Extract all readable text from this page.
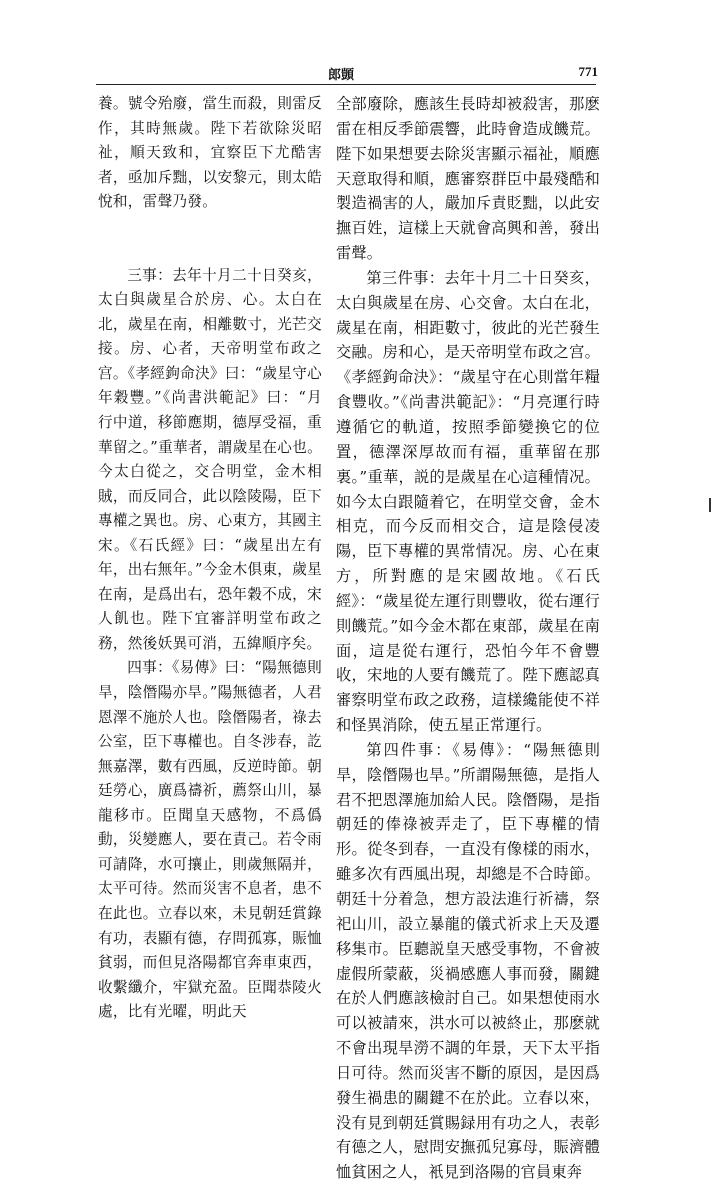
郎顗	771

養。號令殆廢，當生而殺，則雷反作，其時無歲。陛下若欲除災昭祉，順天致和，宜察臣下尤酷害者，亟加斥黜，以安黎元，則太皓悅和，雷聲乃發。

三事：去年十月二十日癸亥，太白與歲星合於房、心。太白在北，歲星在南，相離數寸，光芒交接。房、心者，天帝明堂布政之宫。《孝經鉤命決》曰：“歲星守心年穀豐。”《尚書洪範記》曰：“月行中道，移節應期，德厚受福，重華留之。”重華者，謂歲星在心也。今太白從之，交合明堂，金木相賊，而反同合，此以陰陵陽，臣下專權之異也。房、心東方，其國主宋。《石氏經》曰：“歲星出左有年，出右無年。”今金木俱東，歲星在南，是爲出右，恐年穀不成，宋人飢也。陛下宜審詳明堂布政之務，然後妖異可消，五緯順序矣。

四事：《易傳》曰：“陽無德則旱，陰僭陽亦旱。”陽無德者，人君恩澤不施於人也。陰僭陽者，祿去公室，臣下專權也。自冬涉春，訖無嘉澤，數有西風，反逆時節。朝廷勞心，廣爲禱祈，薦祭山川，暴龍移市。臣聞皇天感物，不爲僞動，災變應人，要在責己。若令雨可請降，水可攘止，則歲無隔并，太平可待。然而災害不息者，患不在此也。立春以來，未見朝廷賞錄有功，表顯有德，存問孤寡，賑恤貧弱，而但見洛陽都官奔車東西，收繫纖介，牢獄充盈。臣聞恭陵火處，比有光曜，明此天

全部廢除，應該生長時却被殺害，那麽雷在相反季節震響，此時會造成饑荒。陛下如果想要去除災害顯示福祉，順應天意取得和順，應審察群臣中最殘酷和製造禍害的人，嚴加斥責貶黜，以此安撫百姓，這樣上天就會高興和善，發出雷聲。

第三件事：去年十月二十日癸亥，太白與歲星在房、心交會。太白在北，歲星在南，相距數寸，彼此的光芒發生交融。房和心，是天帝明堂布政之宫。《孝經鉤命決》：“歲星守在心則當年糧食豐收。”《尚書洪範記》：“月亮運行時遵循它的軌道，按照季節變換它的位置，德澤深厚故而有福，重華留在那裏。”重華，説的是歲星在心這種情况。如今太白跟隨着它，在明堂交會，金木相克，而今反而相交合，這是陰侵凌陽，臣下專權的異常情况。房、心在東方，所對應的是宋國故地。《石氏經》：“歲星從左運行則豐收，從右運行則饑荒。”如今金木都在東部，歲星在南面，這是從右運行，恐怕今年不會豐收，宋地的人要有饑荒了。陛下應認真審察明堂布政之政務，這樣纔能使不祥和怪異消除，使五星正常運行。

第四件事：《易傳》：“陽無德則旱，陰僭陽也旱。”所謂陽無德，是指人君不把恩澤施加給人民。陰僭陽，是指朝廷的俸祿被弄走了，臣下專權的情形。從冬到春，一直没有像樣的雨水，雖多次有西風出現，却總是不合時節。朝廷十分着急，想方設法進行祈禱，祭祀山川，設立暴龍的儀式祈求上天及遷移集市。臣聽説皇天感受事物，不會被虚假所蒙蔽，災禍感應人事而發，關鍵在於人們應該檢討自己。如果想使雨水可以被請來，洪水可以被終止，那麽就不會出現旱澇不調的年景，天下太平指日可待。然而災害不斷的原因，是因爲發生禍患的關鍵不在於此。立春以來，没有見到朝廷賞賜録用有功之人，表彰有德之人，慰問安撫孤兒寡母，賑濟體恤貧困之人，衹見到洛陽的官員東奔
